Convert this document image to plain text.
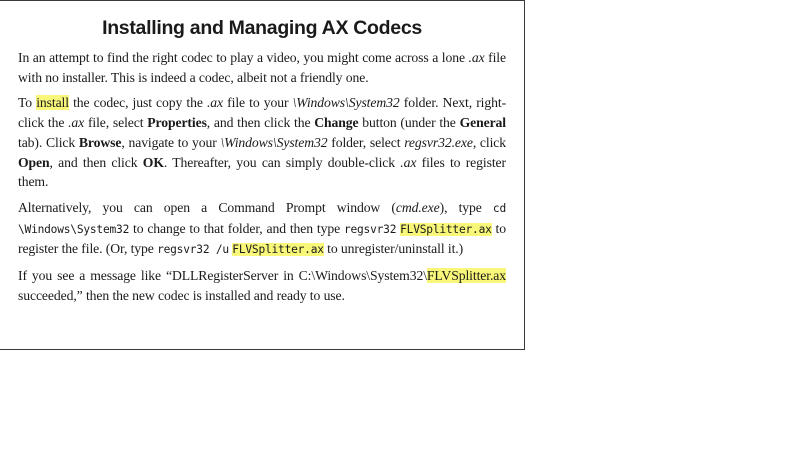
Installing and Managing AX Codecs

In an attempt to find the right codec to play a video, you might come across a lone .ax file with no installer. This is indeed a codec, albeit not a friendly one.

To install the codec, just copy the .ax file to your \Windows\System32 folder. Next, right-click the .ax file, select Properties, and then click the Change button (under the General tab). Click Browse, navigate to your \Windows\System32 folder, select regsvr32.exe, click Open, and then click OK. Thereafter, you can simply double-click .ax files to register them.

Alternatively, you can open a Command Prompt window (cmd.exe), type cd \Windows\System32 to change to that folder, and then type regsvr32 FLVSplitter.ax to register the file. (Or, type regsvr32 /u FLVSplitter.ax to unregister/uninstall it.)

If you see a message like “DLLRegisterServer in C:\Windows\System32\FLVSplitter.ax succeeded,” then the new codec is installed and ready to use.
